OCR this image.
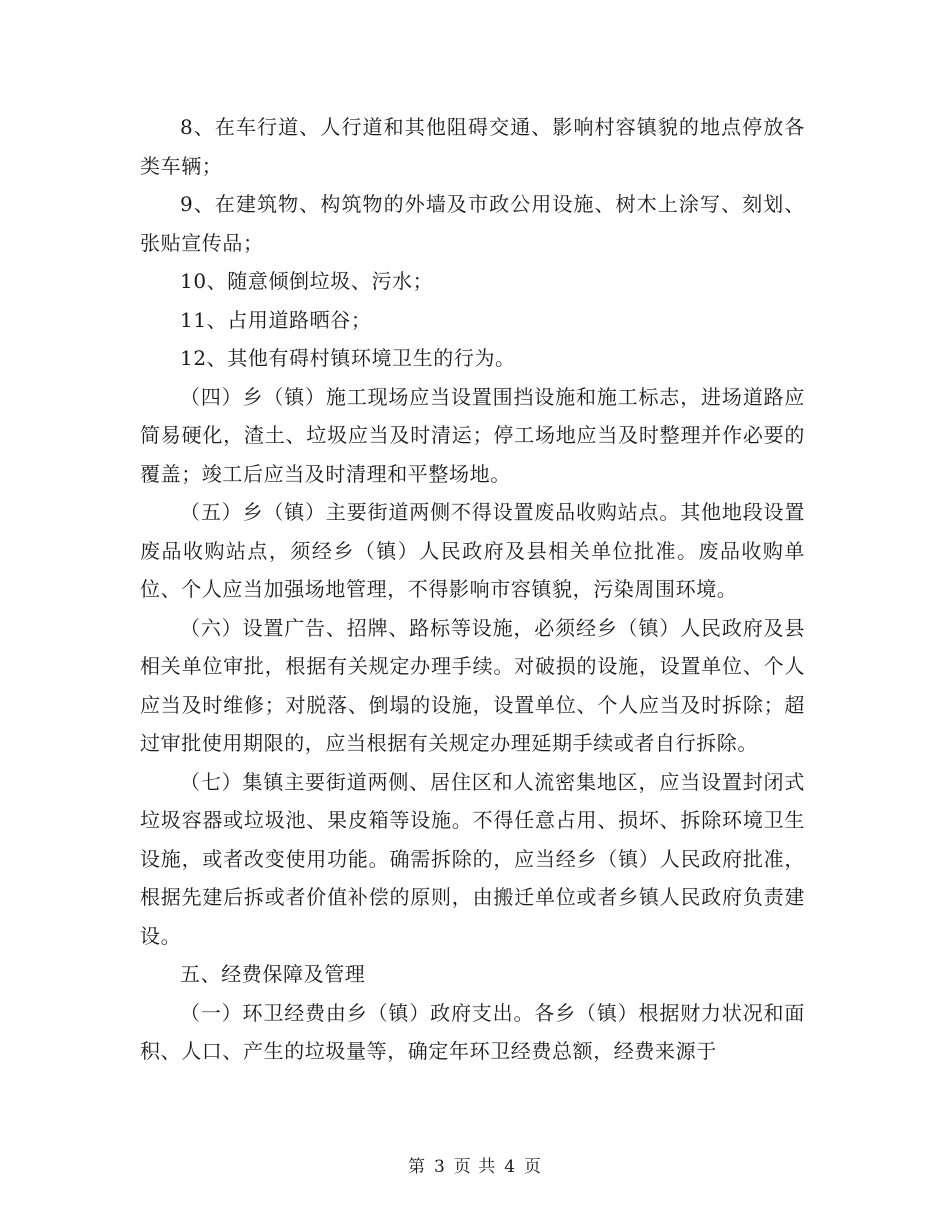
8、在车行道、人行道和其他阻碍交通、影响村容镇貌的地点停放各类车辆；

9、在建筑物、构筑物的外墙及市政公用设施、树木上涂写、刻划、张贴宣传品；

10、随意倾倒垃圾、污水；

11、占用道路晒谷；

12、其他有碍村镇环境卫生的行为。

（四）乡（镇）施工现场应当设置围挡设施和施工标志，进场道路应简易硬化，渣土、垃圾应当及时清运；停工场地应当及时整理并作必要的覆盖；竣工后应当及时清理和平整场地。

（五）乡（镇）主要街道两侧不得设置废品收购站点。其他地段设置废品收购站点，须经乡（镇）人民政府及县相关单位批准。废品收购单位、个人应当加强场地管理，不得影响市容镇貌，污染周围环境。

（六）设置广告、招牌、路标等设施，必须经乡（镇）人民政府及县相关单位审批，根据有关规定办理手续。对破损的设施，设置单位、个人应当及时维修；对脱落、倒塌的设施，设置单位、个人应当及时拆除；超过审批使用期限的，应当根据有关规定办理延期手续或者自行拆除。

（七）集镇主要街道两侧、居住区和人流密集地区，应当设置封闭式垃圾容器或垃圾池、果皮箱等设施。不得任意占用、损坏、拆除环境卫生设施，或者改变使用功能。确需拆除的，应当经乡（镇）人民政府批准，根据先建后拆或者价值补偿的原则，由搬迁单位或者乡镇人民政府负责建设。

五、经费保障及管理

（一）环卫经费由乡（镇）政府支出。各乡（镇）根据财力状况和面积、人口、产生的垃圾量等，确定年环卫经费总额，经费来源于

第 3 页 共 4 页
